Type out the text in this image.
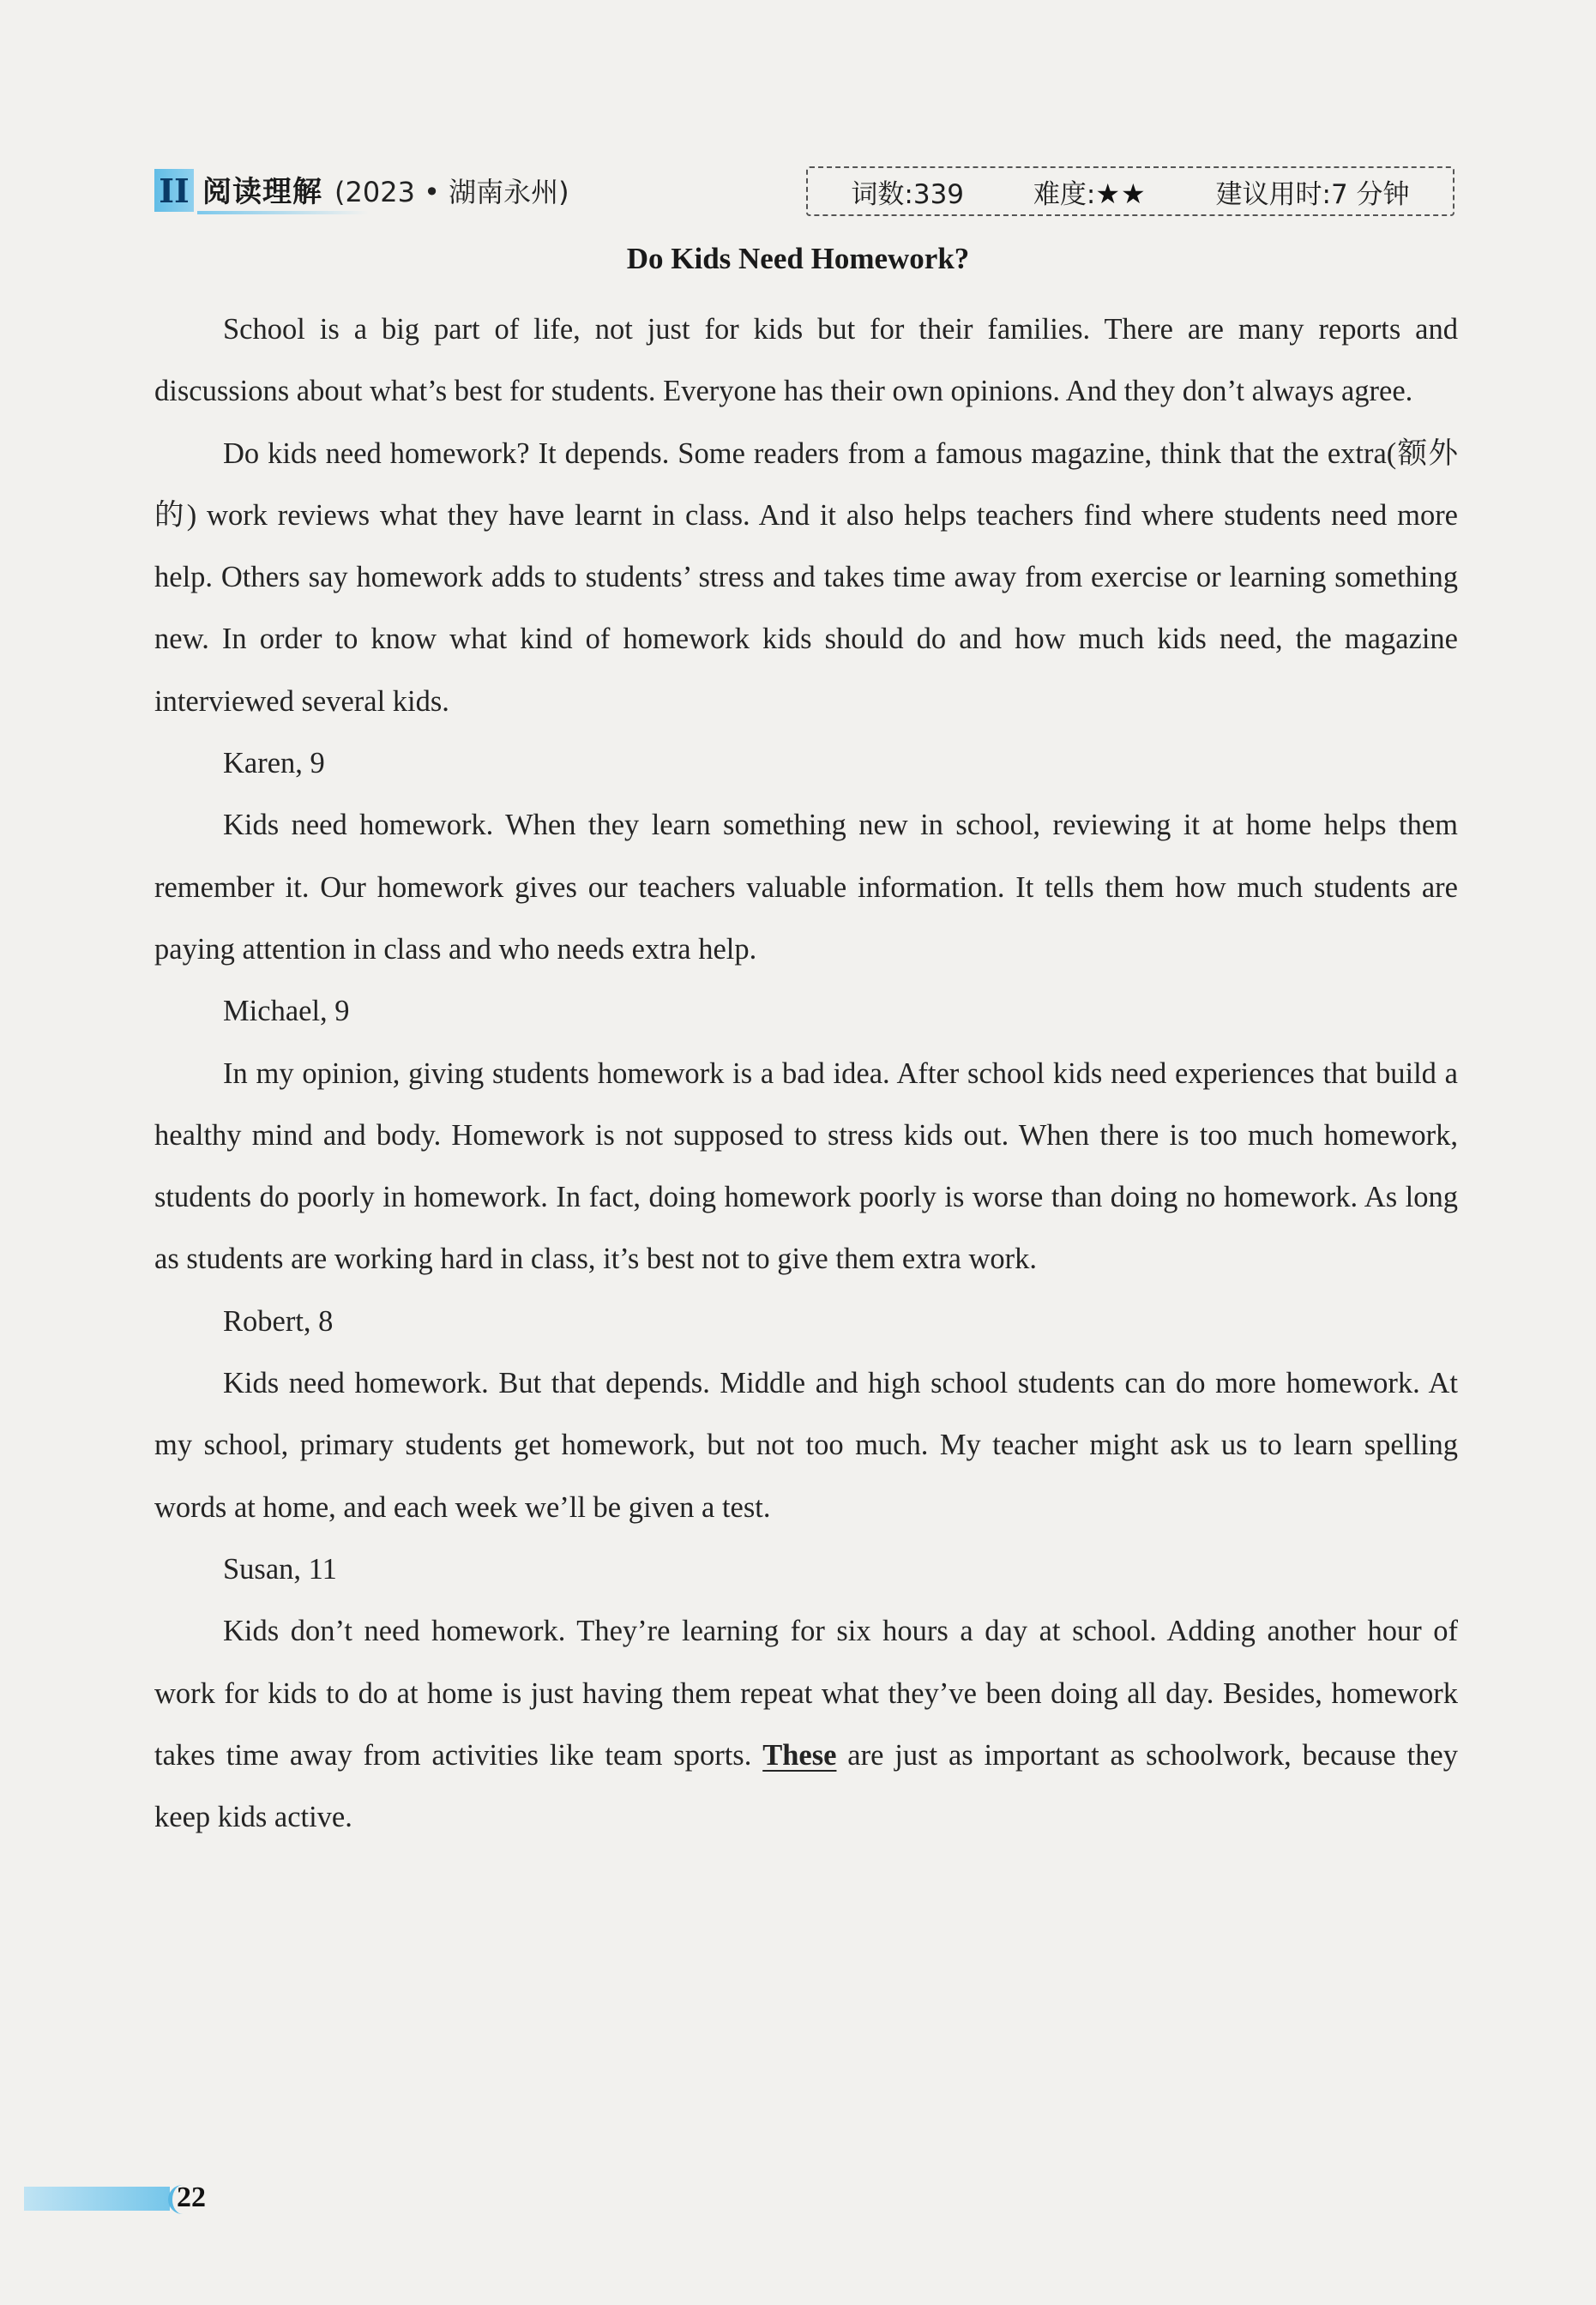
II 阅读理解 (2023 • 湖南永州)	词数:339	难度:★★	建议用时:7 分钟
Do Kids Need Homework?

School is a big part of life, not just for kids but for their families. There are many reports and discussions about what’s best for students. Everyone has their own opinions. And they don’t always agree.

Do kids need homework? It depends. Some readers from a famous magazine, think that the extra(额外的) work reviews what they have learnt in class. And it also helps teachers find where students need more help. Others say homework adds to students’ stress and takes time away from exercise or learning something new. In order to know what kind of homework kids should do and how much kids need, the magazine interviewed several kids.

Karen, 9

Kids need homework. When they learn something new in school, reviewing it at home helps them remember it. Our homework gives our teachers valuable information. It tells them how much students are paying attention in class and who needs extra help.

Michael, 9

In my opinion, giving students homework is a bad idea. After school kids need experiences that build a healthy mind and body. Homework is not supposed to stress kids out. When there is too much homework, students do poorly in homework. In fact, doing homework poorly is worse than doing no homework. As long as students are working hard in class, it’s best not to give them extra work.

Robert, 8

Kids need homework. But that depends. Middle and high school students can do more homework. At my school, primary students get homework, but not too much. My teacher might ask us to learn spelling words at home, and each week we’ll be given a test.

Susan, 11

Kids don’t need homework. They’re learning for six hours a day at school. Adding another hour of work for kids to do at home is just having them repeat what they’ve been doing all day. Besides, homework takes time away from activities like team sports. These are just as important as schoolwork, because they keep kids active.

22
